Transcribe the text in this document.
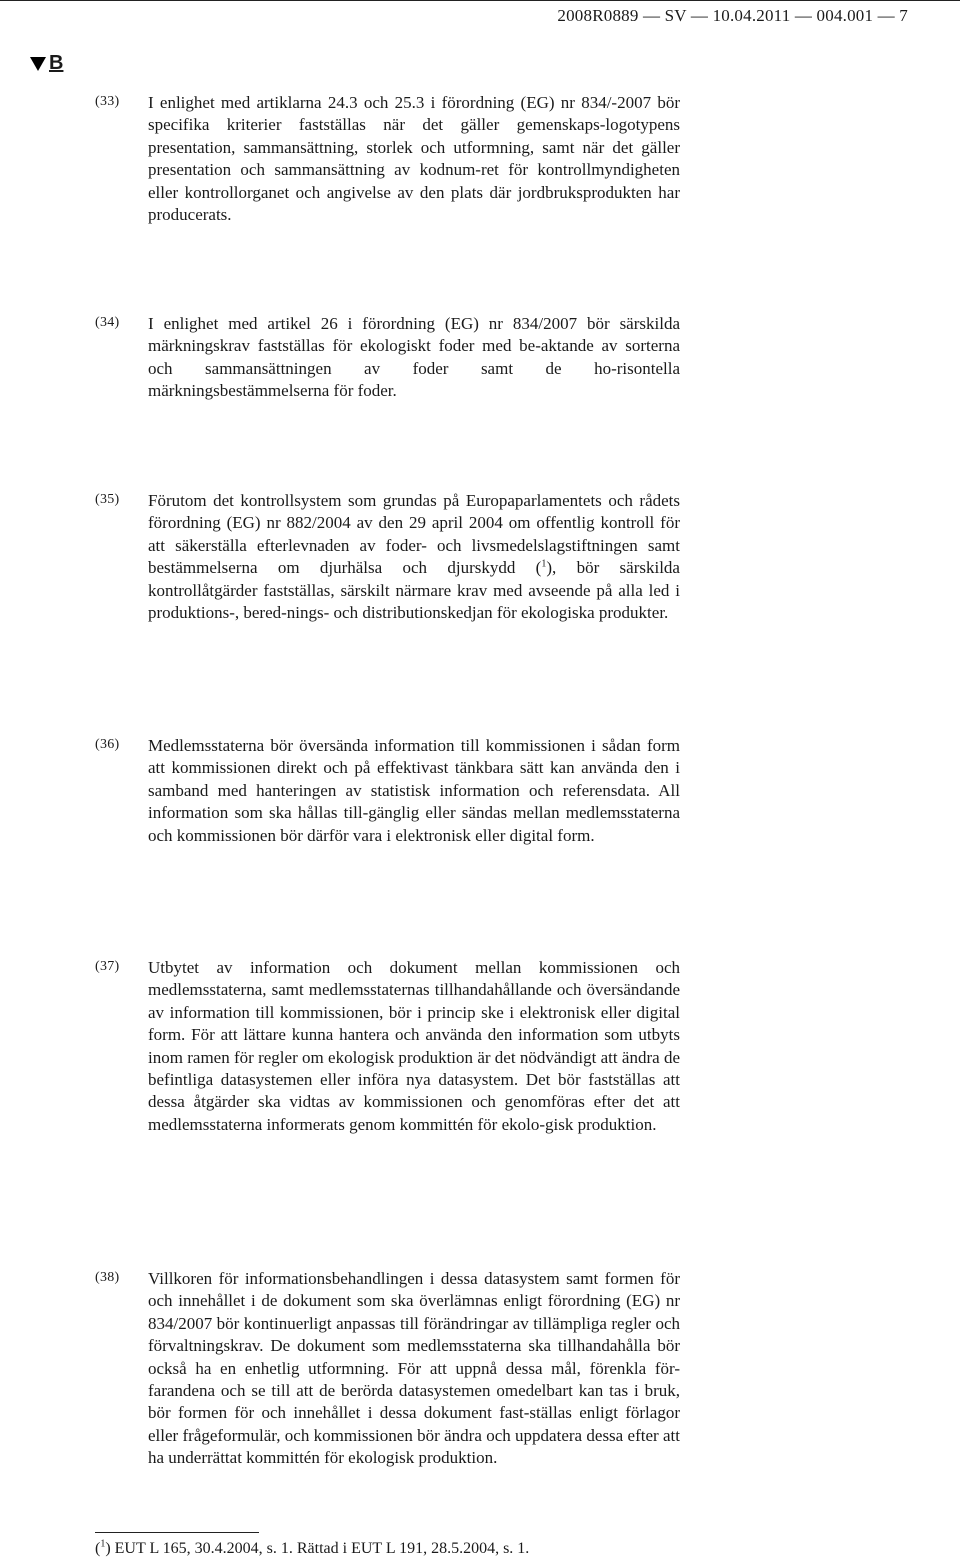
2008R0889 — SV — 10.04.2011 — 004.001 — 7
B
(33) I enlighet med artiklarna 24.3 och 25.3 i förordning (EG) nr 834/-2007 bör specifika kriterier fastställas när det gäller gemenskaps-logotypens presentation, sammansättning, storlek och utformning, samt när det gäller presentation och sammansättning av kodnum-ret för kontrollmyndigheten eller kontrollorganet och angivelse av den plats där jordbruksprodukten har producerats.
(34) I enlighet med artikel 26 i förordning (EG) nr 834/2007 bör särskilda märkningskrav fastställas för ekologiskt foder med be-aktande av sorterna och sammansättningen av foder samt de ho-risontella märkningsbestämmelserna för foder.
(35) Förutom det kontrollsystem som grundas på Europaparlamentets och rådets förordning (EG) nr 882/2004 av den 29 april 2004 om offentlig kontroll för att säkerställa efterlevnaden av foder- och livsmedelslagstiftningen samt bestämmelserna om djurhälsa och djurskydd ($^1$), bör särskilda kontrollåtgärder fastställas, särskilt närmare krav med avseende på alla led i produktions-, bered-nings- och distributionskedjan för ekologiska produkter.
(36) Medlemsstaterna bör översända information till kommissionen i sådan form att kommissionen direkt och på effektivast tänkbara sätt kan använda den i samband med hanteringen av statistisk information och referensdata. All information som ska hållas till-gänglig eller sändas mellan medlemsstaterna och kommissionen bör därför vara i elektronisk eller digital form.
(37) Utbytet av information och dokument mellan kommissionen och medlemsstaterna, samt medlemsstaternas tillhandahållande och översändande av information till kommissionen, bör i princip ske i elektronisk eller digital form. För att lättare kunna hantera och använda den information som utbyts inom ramen för regler om ekologisk produktion är det nödvändigt att ändra de befintliga datasystemen eller införa nya datasystem. Det bör fastställas att dessa åtgärder ska vidtas av kommissionen och genomföras efter det att medlemsstaterna informerats genom kommittén för ekolo-gisk produktion.
(38) Villkoren för informationsbehandlingen i dessa datasystem samt formen för och innehållet i de dokument som ska överlämnas enligt förordning (EG) nr 834/2007 bör kontinuerligt anpassas till förändringar av tillämpliga regler och förvaltningskrav. De dokument som medlemsstaterna ska tillhandahålla bör också ha en enhetlig utformning. För att uppnå dessa mål, förenkla för-farandena och se till att de berörda datasystemen omedelbart kan tas i bruk, bör formen för och innehållet i dessa dokument fast-ställas enligt förlagor eller frågeformulär, och kommissionen bör ändra och uppdatera dessa efter att ha underrättat kommittén för ekologisk produktion.
($^1$) EUT L 165, 30.4.2004, s. 1. Rättad i EUT L 191, 28.5.2004, s. 1.
